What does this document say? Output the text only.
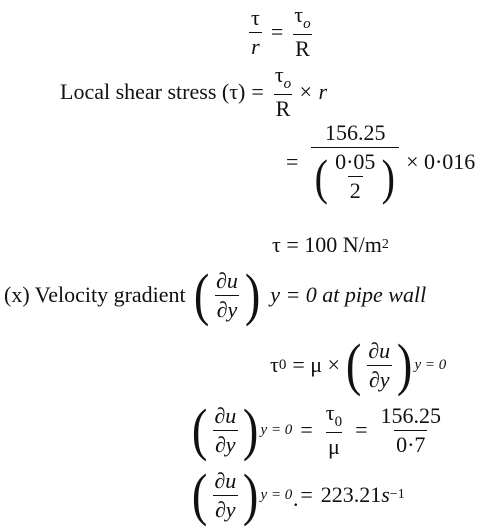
$\frac{\tau}{r} = \frac{\tau_o}{R}$
Local shear stress $(\tau) = \frac{\tau_o}{R} \times r$
= $\frac{156.25}{( \frac{0\cdot 05}{2} )} \times 0\cdot 016$
τ = 100 N/m 2
(x) Velocity gradient ( $\frac{\partial u}{\partial y}$ ) y = 0 at pipe wall
τ 0 = μ × ( $\frac{\partial u}{\partial y}$ ) y = 0
( $\frac{\partial u}{\partial y}$ ) $y = 0 = \frac{\tau_0}{\mu} = \frac{156.25}{0\cdot 7}$
( $\frac{\partial u}{\partial y}$ ) y = 0 = 223.21 s −1
.
